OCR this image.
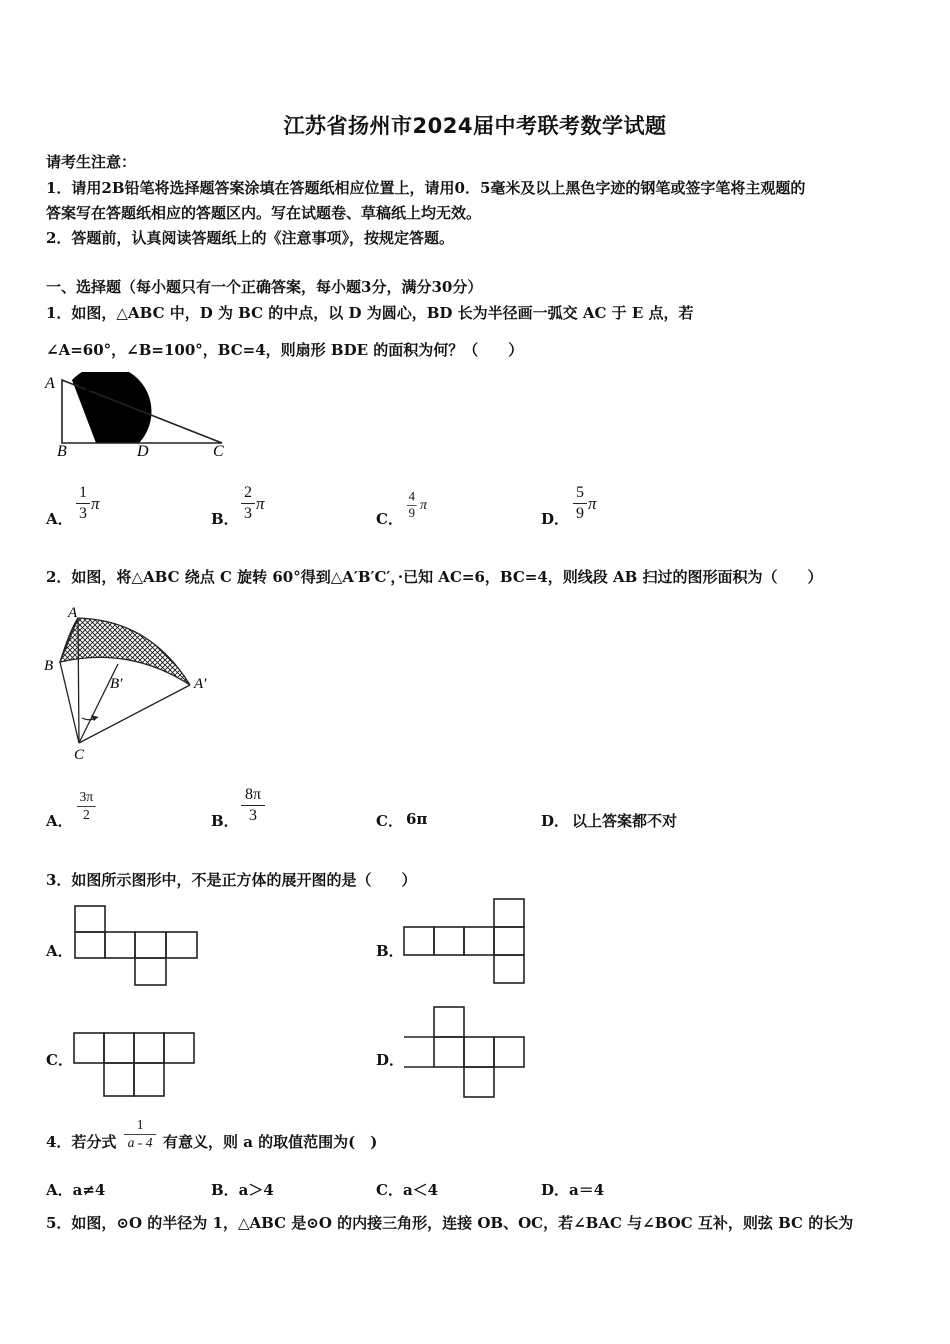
江苏省扬州市2024届中考联考数学试题
请考生注意：
1．请用2B铅笔将选择题答案涂填在答题纸相应位置上，请用0．5毫米及以上黑色字迹的钢笔或签字笔将主观题的
答案写在答题纸相应的答题区内。写在试题卷、草稿纸上均无效。
2．答题前，认真阅读答题纸上的《注意事项》，按规定答题。
一、选择题（每小题只有一个正确答案，每小题3分，满分30分）
1．如图，△ABC 中，D 为 BC 的中点，以 D 为圆心，BD 长为半径画一弧交 AC 于 E 点，若
∠A=60°，∠B=100°，BC=4，则扇形 BDE 的面积为何？（　　）
A E
B	D	C
A．
1
3
π
B．
2
3
π
C．
4
9
π
D．
5
9
π
2．如图，将△ABC 绕点 C 旋转 60°得到△A′B′C′，·已知 AC=6，BC=4，则线段 AB 扫过的图形面积为（　　）
A
B
B′	A′
C
A．
3π
2	B．
8π
3	C． 6π	D． 以上答案都不对
3．如图所示图形中，不是正方体的展开图的是（　　）
A．	B．
C．	D．
4．若分式
1
a - 4 有意义，则 a 的取值范围为(　)
A．a≠4	B．a＞4	C．a＜4	D．a＝4
5．如图，⊙O 的半径为 1，△ABC 是⊙O 的内接三角形，连接 OB、OC，若∠BAC 与∠BOC 互补，则弦 BC 的长为
